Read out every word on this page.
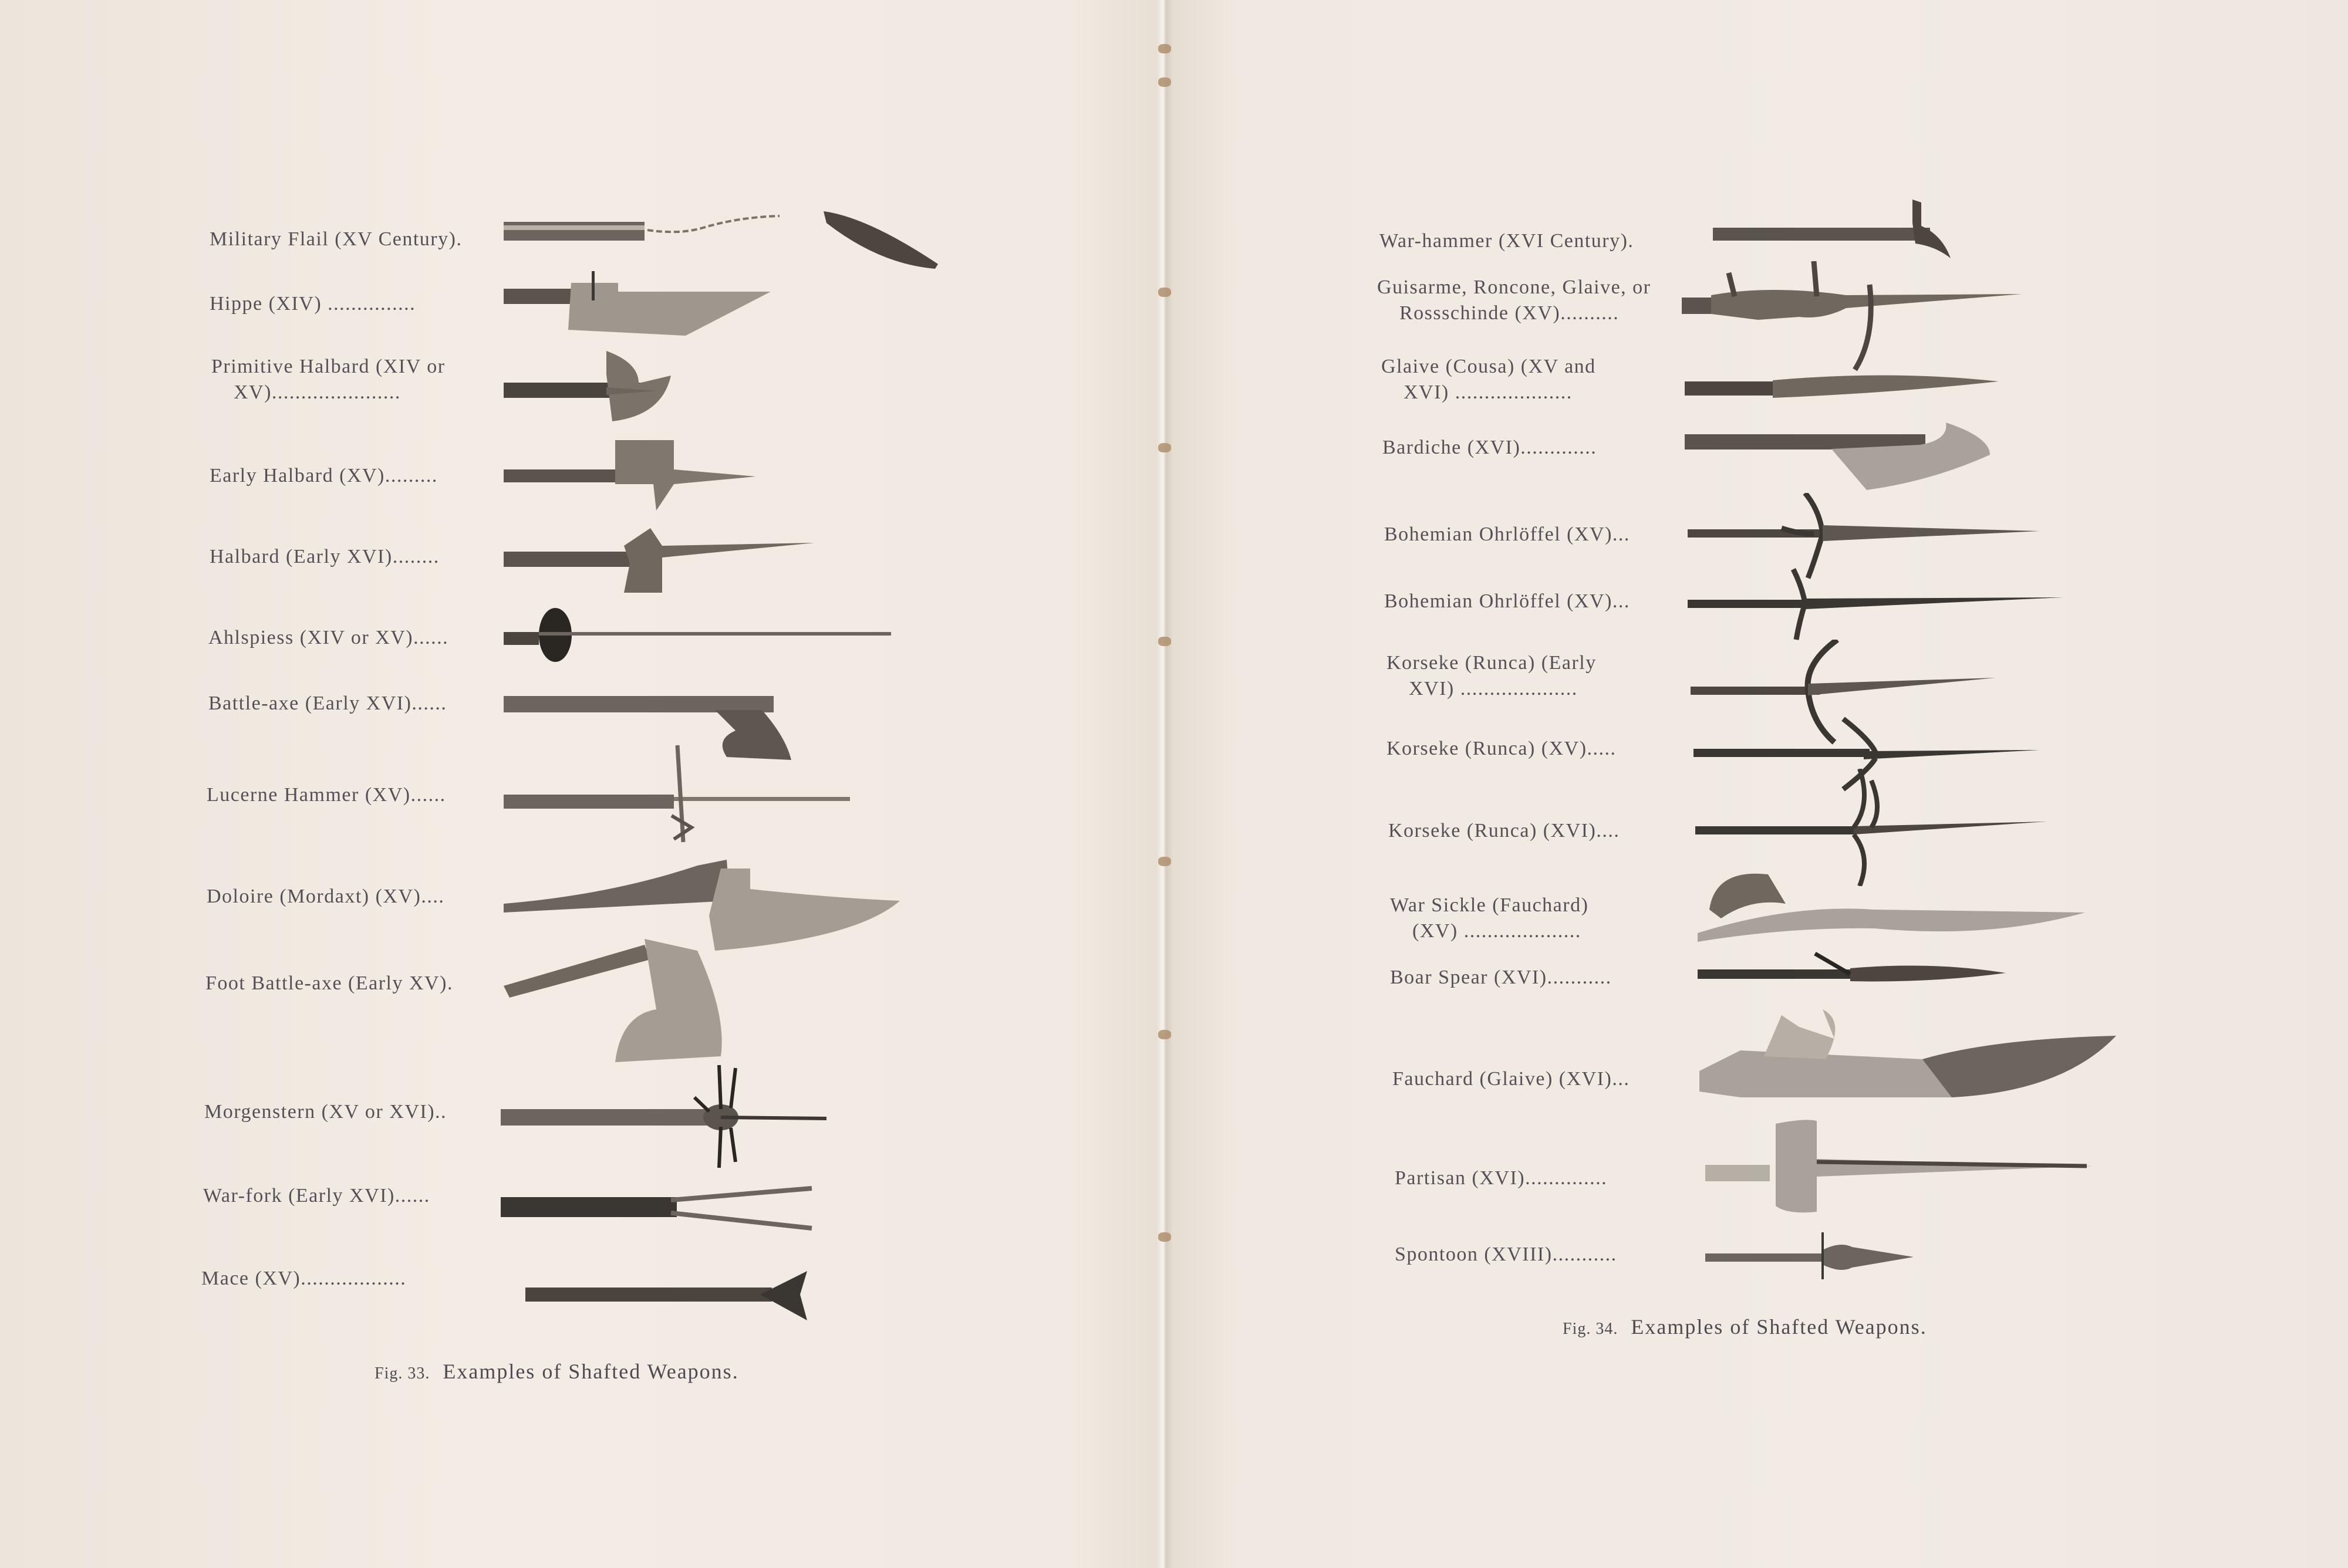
Military Flail (XV Century).
Hippe (XIV) ...............
Primitive Halbard (XIV or
XV)......................
Early Halbard (XV).........
Halbard (Early XVI)........
Ahlspiess (XIV or XV)......
Battle-axe (Early XVI)......
Lucerne Hammer (XV)......
Doloire (Mordaxt) (XV)....
Foot Battle-axe (Early XV).
Morgenstern (XV or XVI)..
War-fork (Early XVI)......
Mace (XV)..................
Fig. 33. Examples of Shafted Weapons.
War-hammer (XVI Century).
Guisarme, Roncone, Glaive, or
Rossschinde (XV)..........
Glaive (Cousa) (XV and
XVI) ....................
Bardiche (XVI).............
Bohemian Ohrlöffel (XV)...
Bohemian Ohrlöffel (XV)...
Korseke (Runca) (Early
XVI) ....................
Korseke (Runca) (XV).....
Korseke (Runca) (XVI)....
War Sickle (Fauchard)
(XV) ....................
Boar Spear (XVI)...........
Fauchard (Glaive) (XVI)...
Partisan (XVI)..............
Spontoon (XVIII)...........
Fig. 34. Examples of Shafted Weapons.
